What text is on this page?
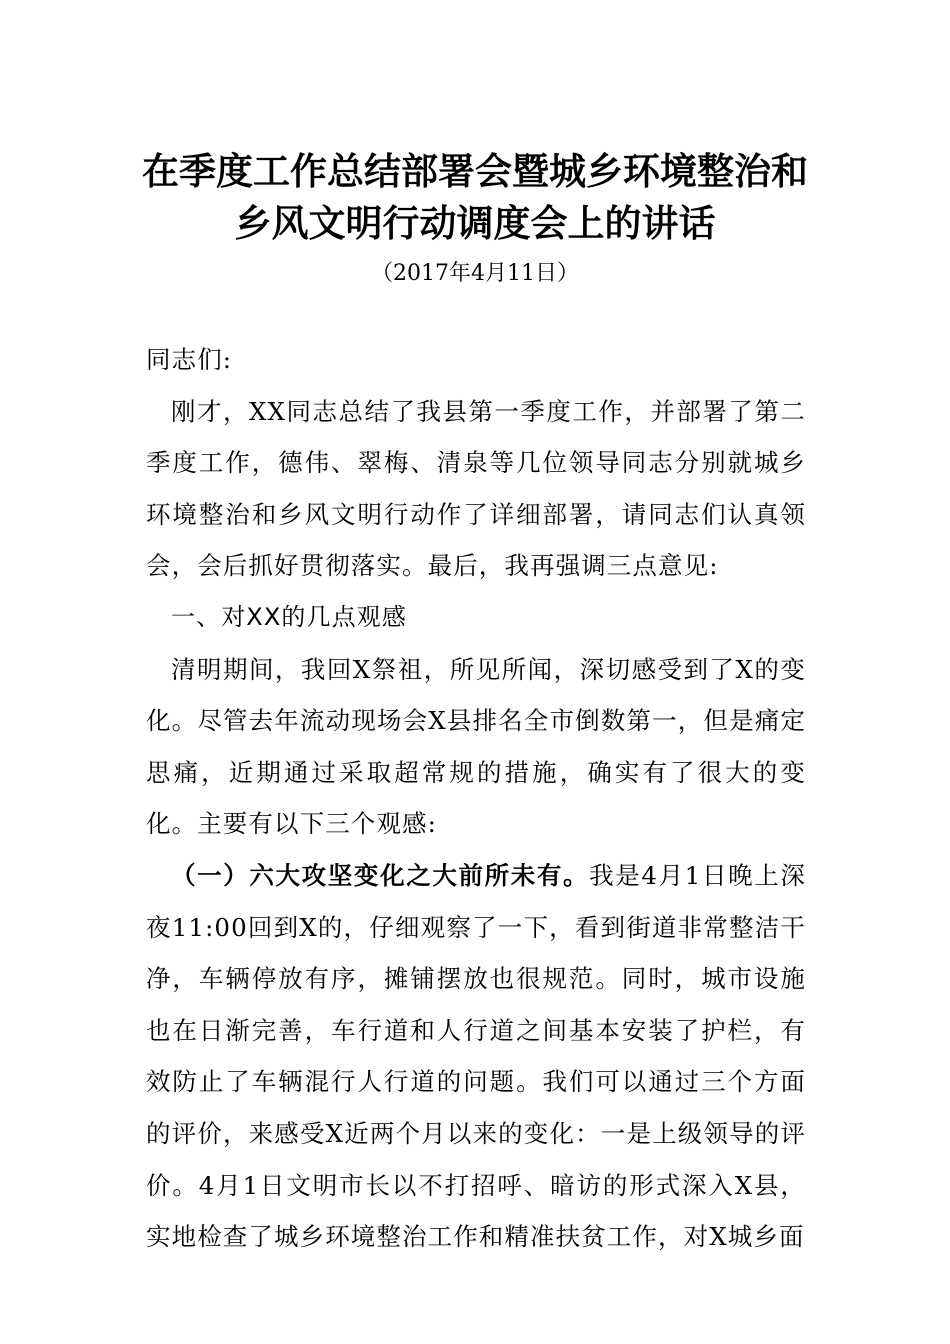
在季度工作总结部署会暨城乡环境整治和
乡风文明行动调度会上的讲话
（2017年4月11日）

同志们:

刚才，XX同志总结了我县第一季度工作，并部署了第二季度工作，德伟、翠梅、清泉等几位领导同志分别就城乡环境整治和乡风文明行动作了详细部署，请同志们认真领会，会后抓好贯彻落实。最后，我再强调三点意见:

一、对XX的几点观感

清明期间，我回X祭祖，所见所闻，深切感受到了X的变化。尽管去年流动现场会X县排名全市倒数第一，但是痛定思痛，近期通过采取超常规的措施，确实有了很大的变化。主要有以下三个观感:

（一）六大攻坚变化之大前所未有。我是4月1日晚上深夜11:00回到X的，仔细观察了一下，看到街道非常整洁干净，车辆停放有序，摊铺摆放也很规范。同时，城市设施也在日渐完善，车行道和人行道之间基本安装了护栏，有效防止了车辆混行人行道的问题。我们可以通过三个方面的评价，来感受X近两个月以来的变化：一是上级领导的评价。4月1日文明市长以不打招呼、暗访的形式深入X县，实地检查了城乡环境整治工作和精准扶贫工作，对X城乡面
